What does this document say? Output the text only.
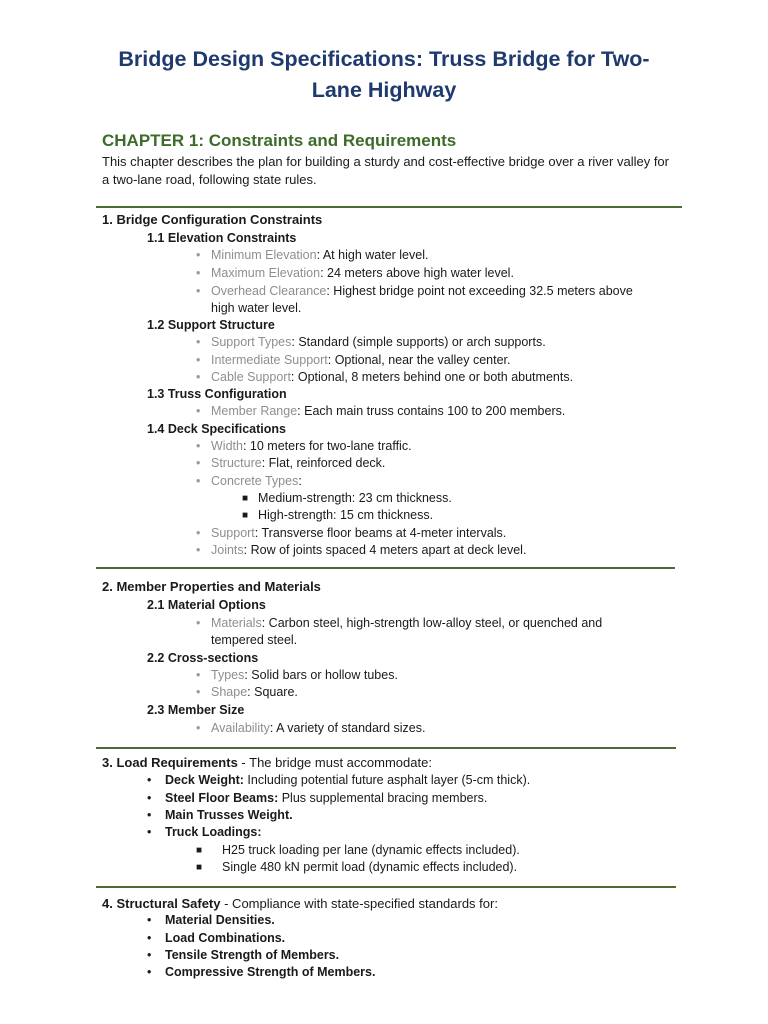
Bridge Design Specifications: Truss Bridge for Two-Lane Highway
CHAPTER 1: Constraints and Requirements
This chapter describes the plan for building a sturdy and cost-effective bridge over a river valley for a two-lane road, following state rules.
1. Bridge Configuration Constraints
1.1 Elevation Constraints
• Minimum Elevation: At high water level.
• Maximum Elevation: 24 meters above high water level.
• Overhead Clearance: Highest bridge point not exceeding 32.5 meters above high water level.
1.2 Support Structure
• Support Types: Standard (simple supports) or arch supports.
• Intermediate Support: Optional, near the valley center.
• Cable Support: Optional, 8 meters behind one or both abutments.
1.3 Truss Configuration
• Member Range: Each main truss contains 100 to 200 members.
1.4 Deck Specifications
• Width: 10 meters for two-lane traffic.
• Structure: Flat, reinforced deck.
• Concrete Types:
■ Medium-strength: 23 cm thickness.
■ High-strength: 15 cm thickness.
• Support: Transverse floor beams at 4-meter intervals.
• Joints: Row of joints spaced 4 meters apart at deck level.
2. Member Properties and Materials
2.1 Material Options
• Materials: Carbon steel, high-strength low-alloy steel, or quenched and tempered steel.
2.2 Cross-sections
• Types: Solid bars or hollow tubes.
• Shape: Square.
2.3 Member Size
• Availability: A variety of standard sizes.
3. Load Requirements - The bridge must accommodate:
• Deck Weight: Including potential future asphalt layer (5-cm thick).
• Steel Floor Beams: Plus supplemental bracing members.
• Main Trusses Weight.
• Truck Loadings:
■ H25 truck loading per lane (dynamic effects included).
■ Single 480 kN permit load (dynamic effects included).
4. Structural Safety - Compliance with state-specified standards for:
• Material Densities.
• Load Combinations.
• Tensile Strength of Members.
• Compressive Strength of Members.
